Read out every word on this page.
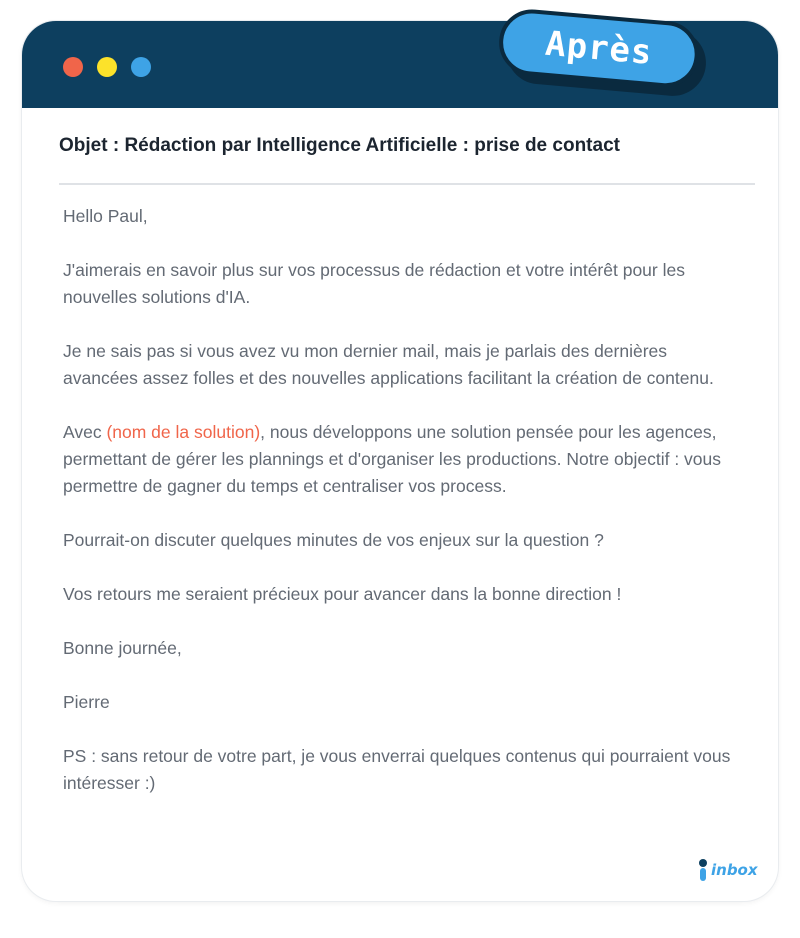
Objet : Rédaction par Intelligence Artificielle : prise de contact

Hello Paul,

J'aimerais en savoir plus sur vos processus de rédaction et votre intérêt pour les nouvelles solutions d'IA.

Je ne sais pas si vous avez vu mon dernier mail, mais je parlais des dernières avancées assez folles et des nouvelles applications facilitant la création de contenu.

Avec (nom de la solution), nous développons une solution pensée pour les agences, permettant de gérer les plannings et d'organiser les productions. Notre objectif : vous permettre de gagner du temps et centraliser vos process.

Pourrait-on discuter quelques minutes de vos enjeux sur la question ?

Vos retours me seraient précieux pour avancer dans la bonne direction !

Bonne journée,

Pierre

PS : sans retour de votre part, je vous enverrai quelques contenus qui pourraient vous intéresser :)

inbox
Après
